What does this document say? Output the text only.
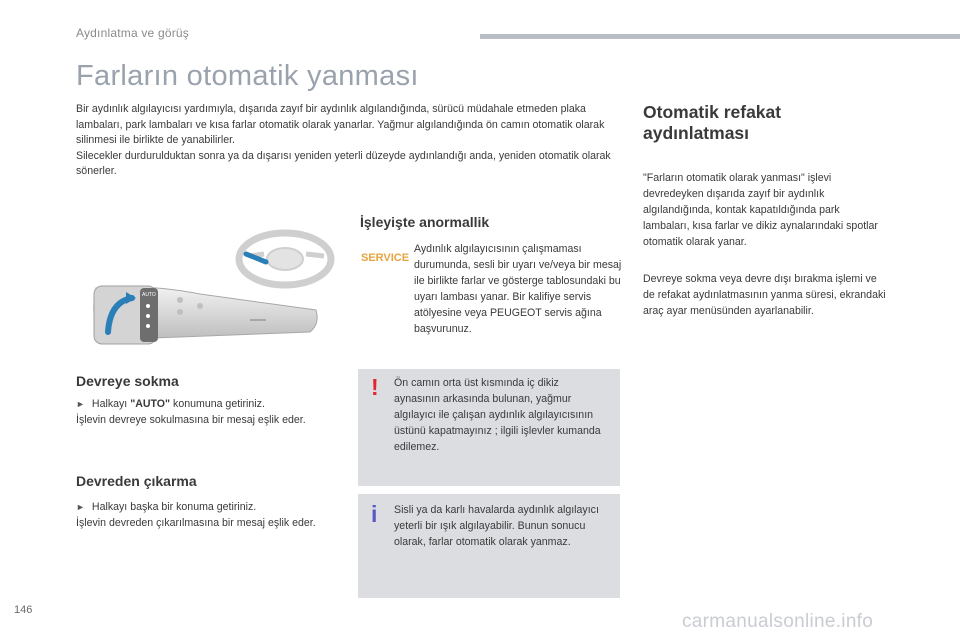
Aydınlatma ve görüş
Farların otomatik yanması

Bir aydınlık algılayıcısı yardımıyla, dışarıda zayıf bir aydınlık algılandığında, sürücü müdahale etmeden plaka lambaları, park lambaları ve kısa farlar otomatik olarak yanarlar. Yağmur algılandığında ön camın otomatik olarak silinmesi ile birlikte de yanabilirler.

Silecekler durdurulduktan sonra ya da dışarısı yeniden yeterli düzeyde aydınlandığı anda, yeniden otomatik olarak sönerler.

AUTO
İşleyişte anormallik
SERVICE

Aydınlık algılayıcısının çalışmaması durumunda, sesli bir uyarı ve/veya bir mesaj ile birlikte farlar ve gösterge tablosundaki bu uyarı lambası yanar. Bir kalifiye servis atölyesine veya PEUGEOT servis ağına başvurunuz.

Devreye sokma

► Halkayı "AUTO" konumuna getiriniz.
İşlevin devreye sokulmasına bir mesaj eşlik eder.

Devreden çıkarma

► Halkayı başka bir konuma getiriniz.
İşlevin devreden çıkarılmasına bir mesaj eşlik eder.

! Ön camın orta üst kısmında iç dikiz aynasının arkasında bulunan, yağmur algılayıcı ile çalışan aydınlık algılayıcısının üstünü kapatmayınız ; ilgili işlevler kumanda edilemez.

i Sisli ya da karlı havalarda aydınlık algılayıcı yeterli bir ışık algılayabilir. Bunun sonucu olarak, farlar otomatik olarak yanmaz.

Otomatik refakat aydınlatması

"Farların otomatik olarak yanması" işlevi devredeyken dışarıda zayıf bir aydınlık algılandığında, kontak kapatıldığında park lambaları, kısa farlar ve dikiz aynalarındaki spotlar otomatik olarak yanar.

Devreye sokma veya devre dışı bırakma işlemi ve de refakat aydınlatmasının yanma süresi, ekrandaki araç ayar menüsünden ayarlanabilir.

146
carmanualsonline.info
